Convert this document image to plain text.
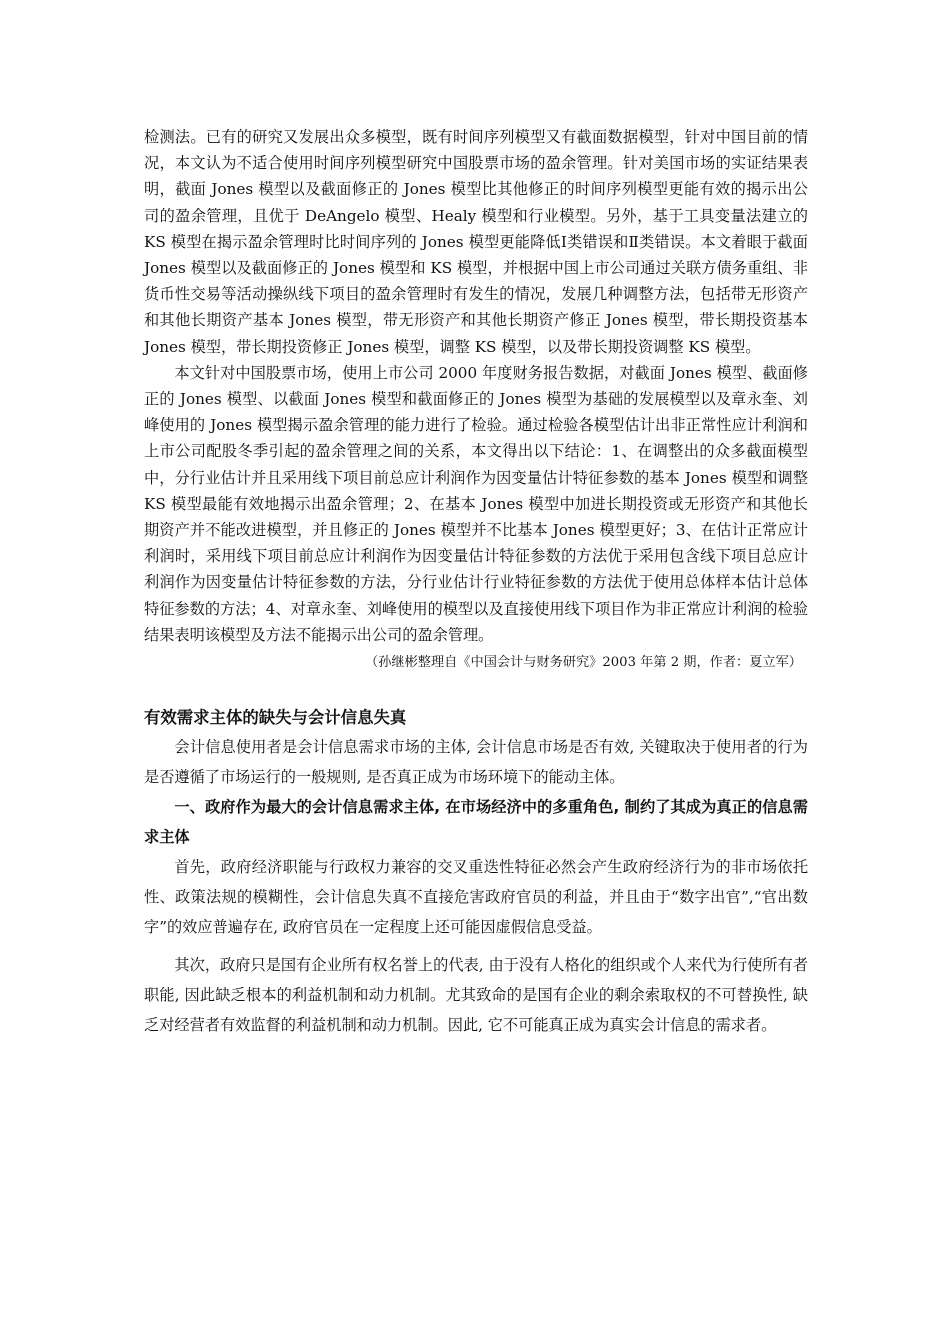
检测法。已有的研究又发展出众多模型，既有时间序列模型又有截面数据模型，针对中国目前的情况，本文认为不适合使用时间序列模型研究中国股票市场的盈余管理。针对美国市场的实证结果表明，截面 Jones 模型以及截面修正的 Jones 模型比其他修正的时间序列模型更能有效的揭示出公司的盈余管理，且优于 DeAngelo 模型、Healy 模型和行业模型。另外，基于工具变量法建立的 KS 模型在揭示盈余管理时比时间序列的 Jones 模型更能降低Ⅰ类错误和Ⅱ类错误。本文着眼于截面 Jones 模型以及截面修正的 Jones 模型和 KS 模型，并根据中国上市公司通过关联方债务重组、非货币性交易等活动操纵线下项目的盈余管理时有发生的情况，发展几种调整方法，包括带无形资产和其他长期资产基本 Jones 模型，带无形资产和其他长期资产修正 Jones 模型，带长期投资基本 Jones 模型，带长期投资修正 Jones 模型，调整 KS 模型，以及带长期投资调整 KS 模型。

本文针对中国股票市场，使用上市公司 2000 年度财务报告数据，对截面 Jones 模型、截面修正的 Jones 模型、以截面 Jones 模型和截面修正的 Jones 模型为基础的发展模型以及章永奎、刘峰使用的 Jones 模型揭示盈余管理的能力进行了检验。通过检验各模型估计出非正常性应计利润和上市公司配股冬季引起的盈余管理之间的关系，本文得出以下结论：1、在调整出的众多截面模型中，分行业估计并且采用线下项目前总应计利润作为因变量估计特征参数的基本 Jones 模型和调整 KS 模型最能有效地揭示出盈余管理；2、在基本 Jones 模型中加进长期投资或无形资产和其他长期资产并不能改进模型，并且修正的 Jones 模型并不比基本 Jones 模型更好；3、在估计正常应计利润时，采用线下项目前总应计利润作为因变量估计特征参数的方法优于采用包含线下项目总应计利润作为因变量估计特征参数的方法，分行业估计行业特征参数的方法优于使用总体样本估计总体特征参数的方法；4、对章永奎、刘峰使用的模型以及直接使用线下项目作为非正常应计利润的检验结果表明该模型及方法不能揭示出公司的盈余管理。

（孙继彬整理自《中国会计与财务研究》2003 年第 2 期，作者：夏立军）

有效需求主体的缺失与会计信息失真

会计信息使用者是会计信息需求市场的主体, 会计信息市场是否有效, 关键取决于使用者的行为是否遵循了市场运行的一般规则, 是否真正成为市场环境下的能动主体。

一、政府作为最大的会计信息需求主体, 在市场经济中的多重角色, 制约了其成为真正的信息需求主体

首先，政府经济职能与行政权力兼容的交叉重迭性特征必然会产生政府经济行为的非市场依托性、政策法规的模糊性，会计信息失真不直接危害政府官员的利益，并且由于“数字出官”,“官出数字”的效应普遍存在, 政府官员在一定程度上还可能因虚假信息受益。

其次，政府只是国有企业所有权名誉上的代表, 由于没有人格化的组织或个人来代为行使所有者职能, 因此缺乏根本的利益机制和动力机制。尤其致命的是国有企业的剩余索取权的不可替换性, 缺乏对经营者有效监督的利益机制和动力机制。因此, 它不可能真正成为真实会计信息的需求者。
